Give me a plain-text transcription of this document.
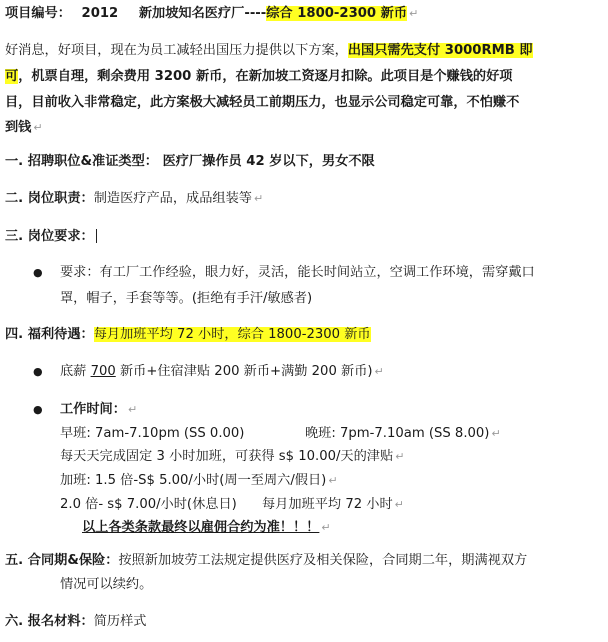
项目编号： 2012 新加坡知名医疗厂----综合 1800-2300 新币 ↵
好消息，好项目，现在为员工减轻出国压力提供以下方案，出国只需先支付 3000RMB 即
可，机票自理，剩余费用 3200 新币，在新加坡工资逐月扣除。此项目是个赚钱的好项
目，目前收入非常稳定，此方案极大减轻员工前期压力，也显示公司稳定可靠，不怕赚不
到钱 ↵
一. 招聘职位&准证类型： 医疗厂操作员 42 岁以下，男女不限
二. 岗位职责：制造医疗产品，成品组装等 ↵
三. 岗位要求：
● 要求：有工厂工作经验，眼力好，灵活，能长时间站立，空调工作环境，需穿戴口
罩，帽子，手套等等。(拒绝有手汗/敏感者)
四. 福利待遇：每月加班平均 72 小时，综合 1800-2300 新币
● 底薪 700 新币+住宿津贴 200 新币+满勤 200 新币) ↵
● 工作时间： ↵
早班: 7am-7.10pm (SS 0.00)	晚班: 7pm-7.10am (SS 8.00) ↵
每天天完成固定 3 小时加班，可获得 s$ 10.00/天的津贴 ↵
加班: 1.5 倍-S$ 5.00/小时(周一至周六/假日) ↵
2.0 倍- s$ 7.00/小时(休息日) 每月加班平均 72 小时 ↵
以上各类条款最终以雇佣合约为准！！！ ↵
五. 合同期&保险：按照新加坡劳工法规定提供医疗及相关保险，合同期二年，期满视双方
情况可以续约。
六. 报名材料：简历样式
